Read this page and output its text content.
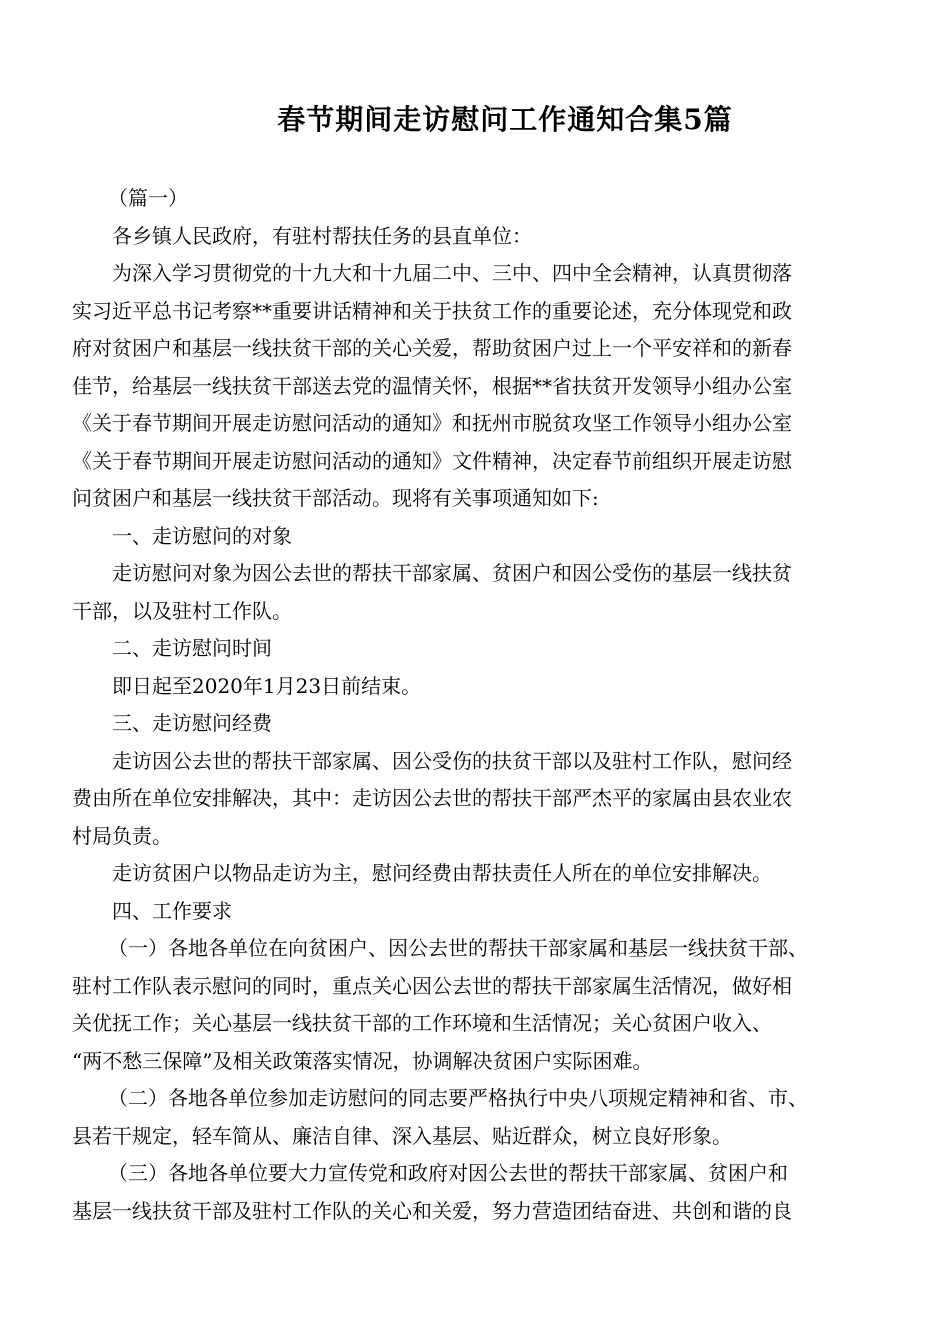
春节期间走访慰问工作通知合集5篇

（篇一）

各乡镇人民政府，有驻村帮扶任务的县直单位：

为深入学习贯彻党的十九大和十九届二中、三中、四中全会精神，认真贯彻落

实习近平总书记考察**重要讲话精神和关于扶贫工作的重要论述，充分体现党和政

府对贫困户和基层一线扶贫干部的关心关爱，帮助贫困户过上一个平安祥和的新春

佳节，给基层一线扶贫干部送去党的温情关怀，根据**省扶贫开发领导小组办公室

《关于春节期间开展走访慰问活动的通知》和抚州市脱贫攻坚工作领导小组办公室

《关于春节期间开展走访慰问活动的通知》文件精神，决定春节前组织开展走访慰

问贫困户和基层一线扶贫干部活动。现将有关事项通知如下:

一、走访慰问的对象

走访慰问对象为因公去世的帮扶干部家属、贫困户和因公受伤的基层一线扶贫

干部，以及驻村工作队。

二、走访慰问时间

即日起至2020年1月23日前结束。

三、走访慰问经费

走访因公去世的帮扶干部家属、因公受伤的扶贫干部以及驻村工作队，慰问经

费由所在单位安排解决，其中：走访因公去世的帮扶干部严杰平的家属由县农业农

村局负责。

走访贫困户以物品走访为主，慰问经费由帮扶责任人所在的单位安排解决。

四、工作要求

（一）各地各单位在向贫困户、因公去世的帮扶干部家属和基层一线扶贫干部、

驻村工作队表示慰问的同时，重点关心因公去世的帮扶干部家属生活情况，做好相

关优抚工作；关心基层一线扶贫干部的工作环境和生活情况；关心贫困户收入、

“两不愁三保障”及相关政策落实情况，协调解决贫困户实际困难。

（二）各地各单位参加走访慰问的同志要严格执行中央八项规定精神和省、市、

县若干规定，轻车简从、廉洁自律、深入基层、贴近群众，树立良好形象。

（三）各地各单位要大力宣传党和政府对因公去世的帮扶干部家属、贫困户和

基层一线扶贫干部及驻村工作队的关心和关爱，努力营造团结奋进、共创和谐的良
